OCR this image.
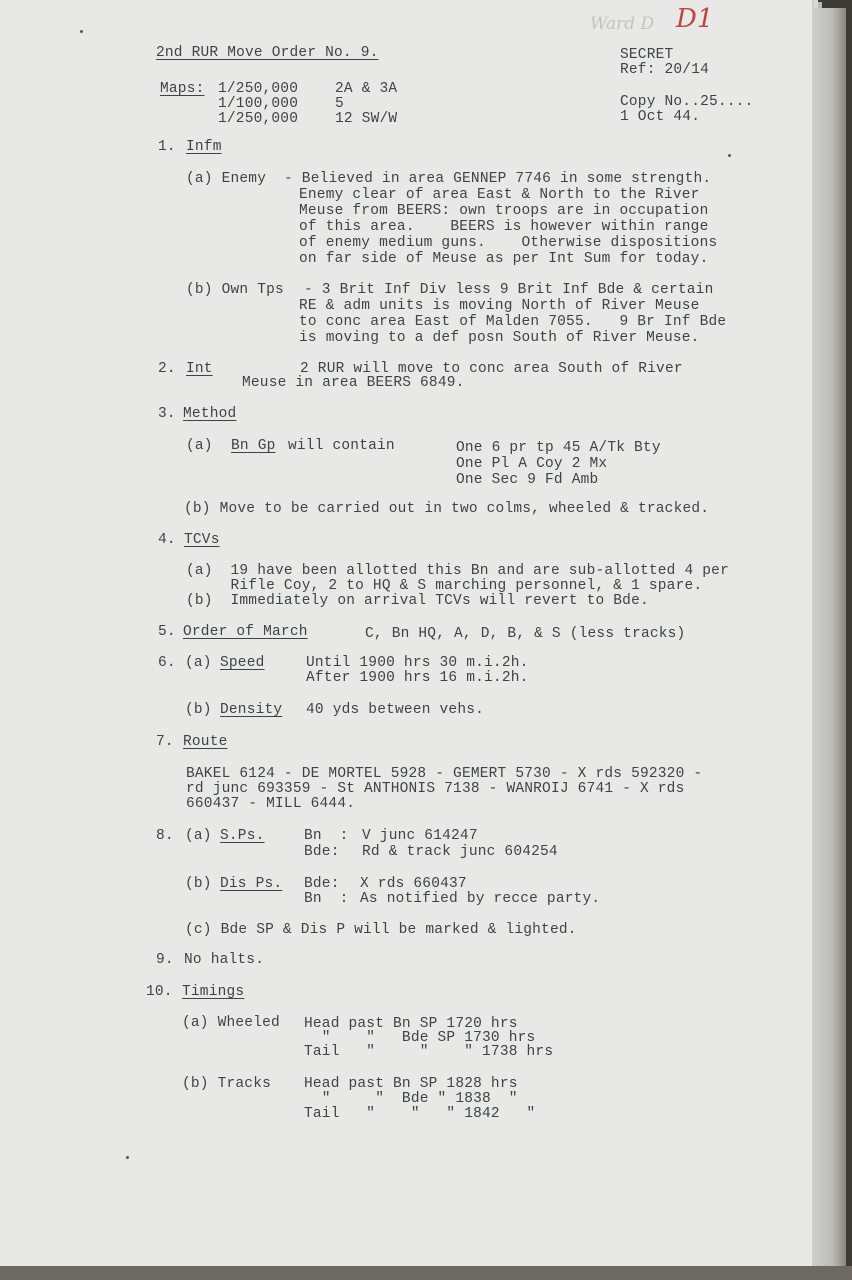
2nd RUR Move Order No. 9.	SECRET
Ref: 20/14
Copy No..25....
1 Oct 44.
Ward D D1
Maps: 1/250,000	2A & 3A
1/100,000	5
1/250,000	12 SW/W
1. Infm
(a) Enemy - Believed in area GENNEP 7746 in some strength.
Enemy clear of area East & North to the River
Meuse from BEERS: own troops are in occupation
of this area.    BEERS is however within range
of enemy medium guns.    Otherwise dispositions
on far side of Meuse as per Int Sum for today.
(b) Own Tps - 3 Brit Inf Div less 9 Brit Inf Bde & certain
RE & adm units is moving North of River Meuse
to conc area East of Malden 7055.   9 Br Inf Bde
is moving to a def posn South of River Meuse.
2. Int	2 RUR will move to conc area South of River
Meuse in area BEERS 6849.
3. Method
(a) Bn Gp will contain	One 6 pr tp 45 A/Tk Bty
One Pl A Coy 2 Mx
One Sec 9 Fd Amb
(b) Move to be carried out in two colms, wheeled & tracked.
4. TCVs
(a)  19 have been allotted this Bn and are sub-allotted 4 per
Rifle Coy, 2 to HQ & S marching personnel, & 1 spare.
(b)  Immediately on arrival TCVs will revert to Bde.
5. Order of March	C, Bn HQ, A, D, B, & S (less tracks)
6. (a) Speed	Until 1900 hrs 30 m.i.2h.
After 1900 hrs 16 m.i.2h.
(b) Density 40 yds between vehs.
7. Route
BAKEL 6124 - DE MORTEL 5928 - GEMERT 5730 - X rds 592320 -
rd junc 693359 - St ANTHONIS 7138 - WANROIJ 6741 - X rds
660437 - MILL 6444.
8. (a) S.Ps.	Bn  : V junc 614247
Bde: Rd & track junc 604254
(b) Dis Ps. Bde: X rds 660437
Bn  : As notified by recce party.
(c) Bde SP & Dis P will be marked & lighted.
9. No halts.
10. Timings
(a) Wheeled Head past Bn SP 1720 hrs
"    "   Bde SP 1730 hrs
Tail   "     "    " 1738 hrs
(b) Tracks Head past Bn SP 1828 hrs
"     "  Bde " 1838  "
Tail   "    "   " 1842   "
